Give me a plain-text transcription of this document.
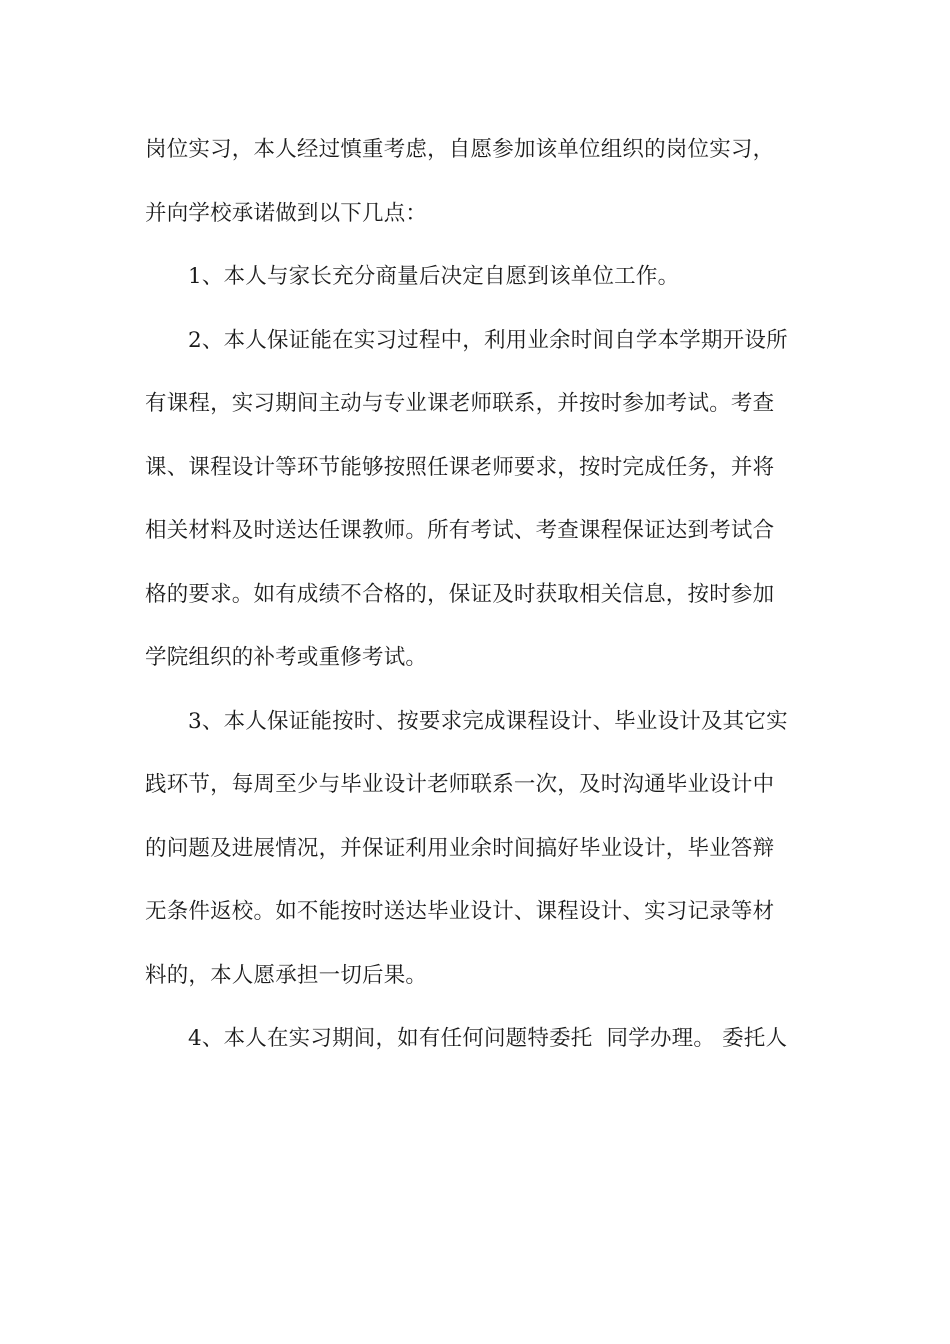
岗位实习，本人经过慎重考虑，自愿参加该单位组织的岗位实习，
并向学校承诺做到以下几点：
1、本人与家长充分商量后决定自愿到该单位工作。
2、本人保证能在实习过程中，利用业余时间自学本学期开设所
有课程，实习期间主动与专业课老师联系，并按时参加考试。考查
课、课程设计等环节能够按照任课老师要求，按时完成任务，并将
相关材料及时送达任课教师。所有考试、考查课程保证达到考试合
格的要求。如有成绩不合格的，保证及时获取相关信息，按时参加
学院组织的补考或重修考试。
3、本人保证能按时、按要求完成课程设计、毕业设计及其它实
践环节，每周至少与毕业设计老师联系一次，及时沟通毕业设计中
的问题及进展情况，并保证利用业余时间搞好毕业设计，毕业答辩
无条件返校。如不能按时送达毕业设计、课程设计、实习记录等材
料的，本人愿承担一切后果。
4、本人在实习期间，如有任何问题特委托  同学办理。 委托人
